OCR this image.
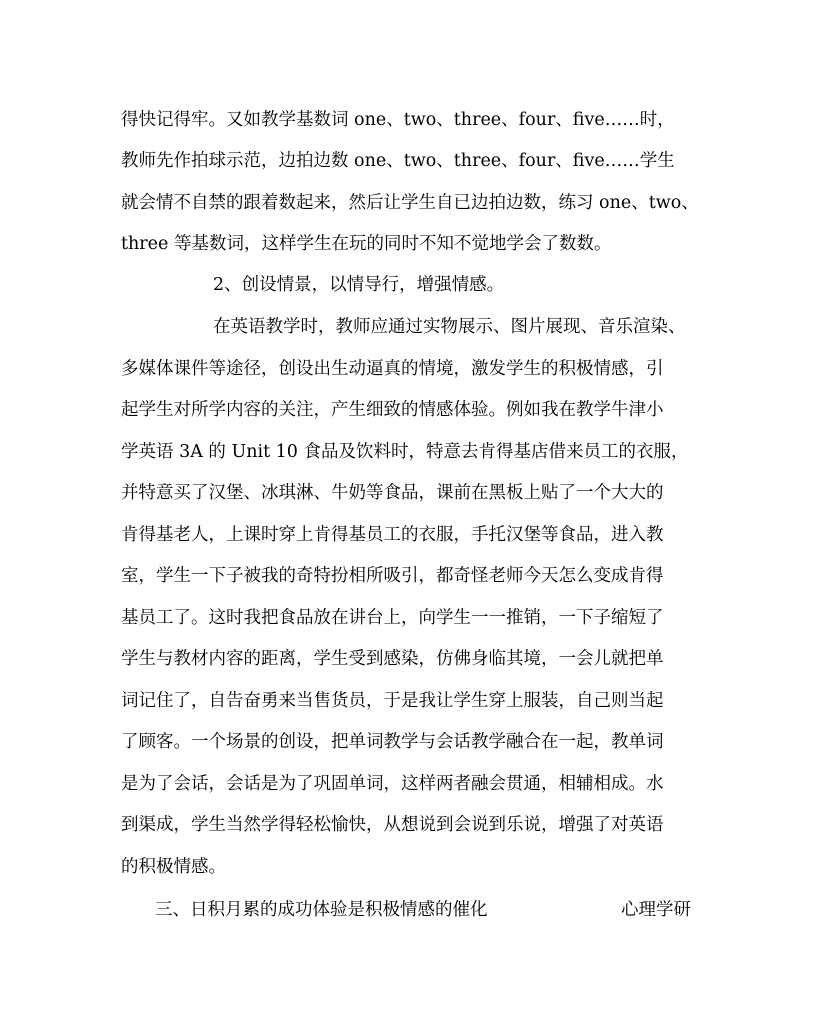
得快记得牢。又如教学基数词 one、two、three、four、five……时，
教师先作拍球示范，边拍边数 one、two、three、four、five……学生
就会情不自禁的跟着数起来，然后让学生自已边拍边数，练习 one、two、
three 等基数词，这样学生在玩的同时不知不觉地学会了数数。
2、创设情景，以情导行，增强情感。
在英语教学时，教师应通过实物展示、图片展现、音乐渲染、
多媒体课件等途径，创设出生动逼真的情境，激发学生的积极情感，引
起学生对所学内容的关注，产生细致的情感体验。例如我在教学牛津小
学英语 3A 的 Unit 10 食品及饮料时，特意去肯得基店借来员工的衣服，
并特意买了汉堡、冰琪淋、牛奶等食品，课前在黑板上贴了一个大大的
肯得基老人，上课时穿上肯得基员工的衣服，手托汉堡等食品，进入教
室，学生一下子被我的奇特扮相所吸引，都奇怪老师今天怎么变成肯得
基员工了。这时我把食品放在讲台上，向学生一一推销，一下子缩短了
学生与教材内容的距离，学生受到感染，仿佛身临其境，一会儿就把单
词记住了，自告奋勇来当售货员，于是我让学生穿上服装，自己则当起
了顾客。一个场景的创设，把单词教学与会话教学融合在一起，教单词
是为了会话，会话是为了巩固单词，这样两者融会贯通，相辅相成。水
到渠成，学生当然学得轻松愉快，从想说到会说到乐说，增强了对英语
的积极情感。
三、日积月累的成功体验是积极情感的催化	心理学研
